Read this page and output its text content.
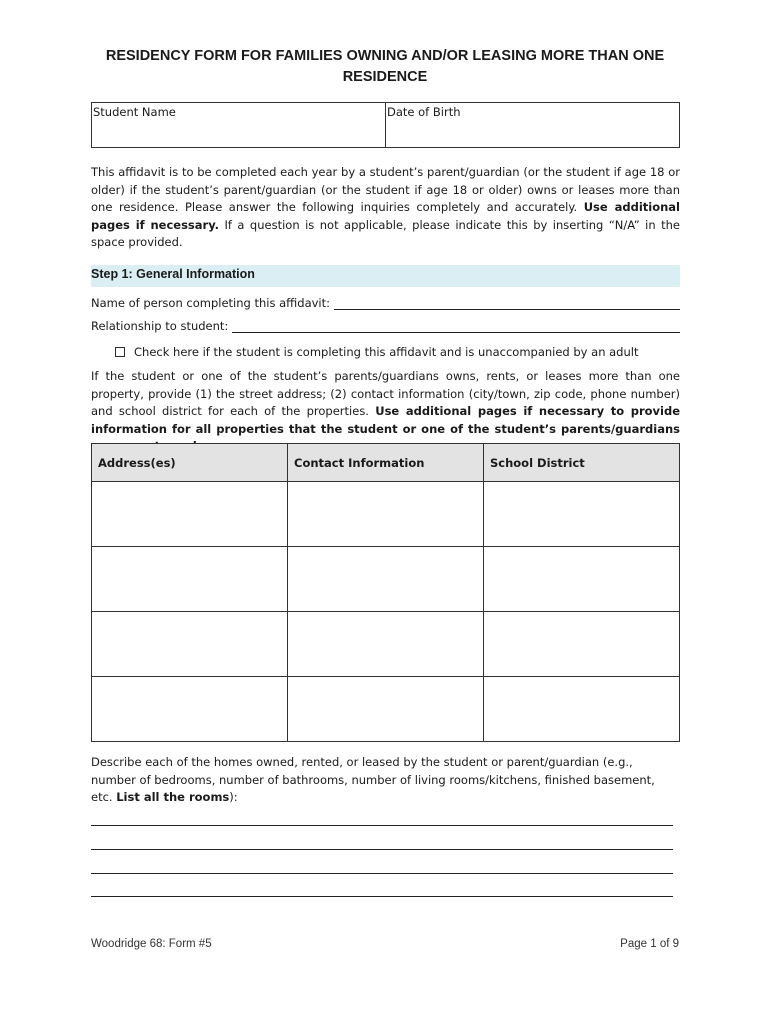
RESIDENCY FORM FOR FAMILIES OWNING AND/OR LEASING MORE THAN ONE RESIDENCE
Student Name	Date of Birth

This affidavit is to be completed each year by a student’s parent/guardian (or the student if age 18 or older) if the student’s parent/guardian (or the student if age 18 or older) owns or leases more than one residence. Please answer the following inquiries completely and accurately. Use additional pages if necessary. If a question is not applicable, please indicate this by inserting “N/A” in the space provided.

Step 1: General Information
Name of person completing this affidavit:
Relationship to student:
Check here if the student is completing this affidavit and is unaccompanied by an adult

If the student or one of the student’s parents/guardians owns, rents, or leases more than one property, provide (1) the street address; (2) contact information (city/town, zip code, phone number) and school district for each of the properties. Use additional pages if necessary to provide information for all properties that the student or one of the student’s parents/guardians

Address(es)	Contact Information	School District

Describe each of the homes owned, rented, or leased by the student or parent/guardian (e.g., number of bedrooms, number of bathrooms, number of living rooms/kitchens, finished basement, etc. List all the rooms):

Woodridge 68: Form #5	Page 1 of 9
